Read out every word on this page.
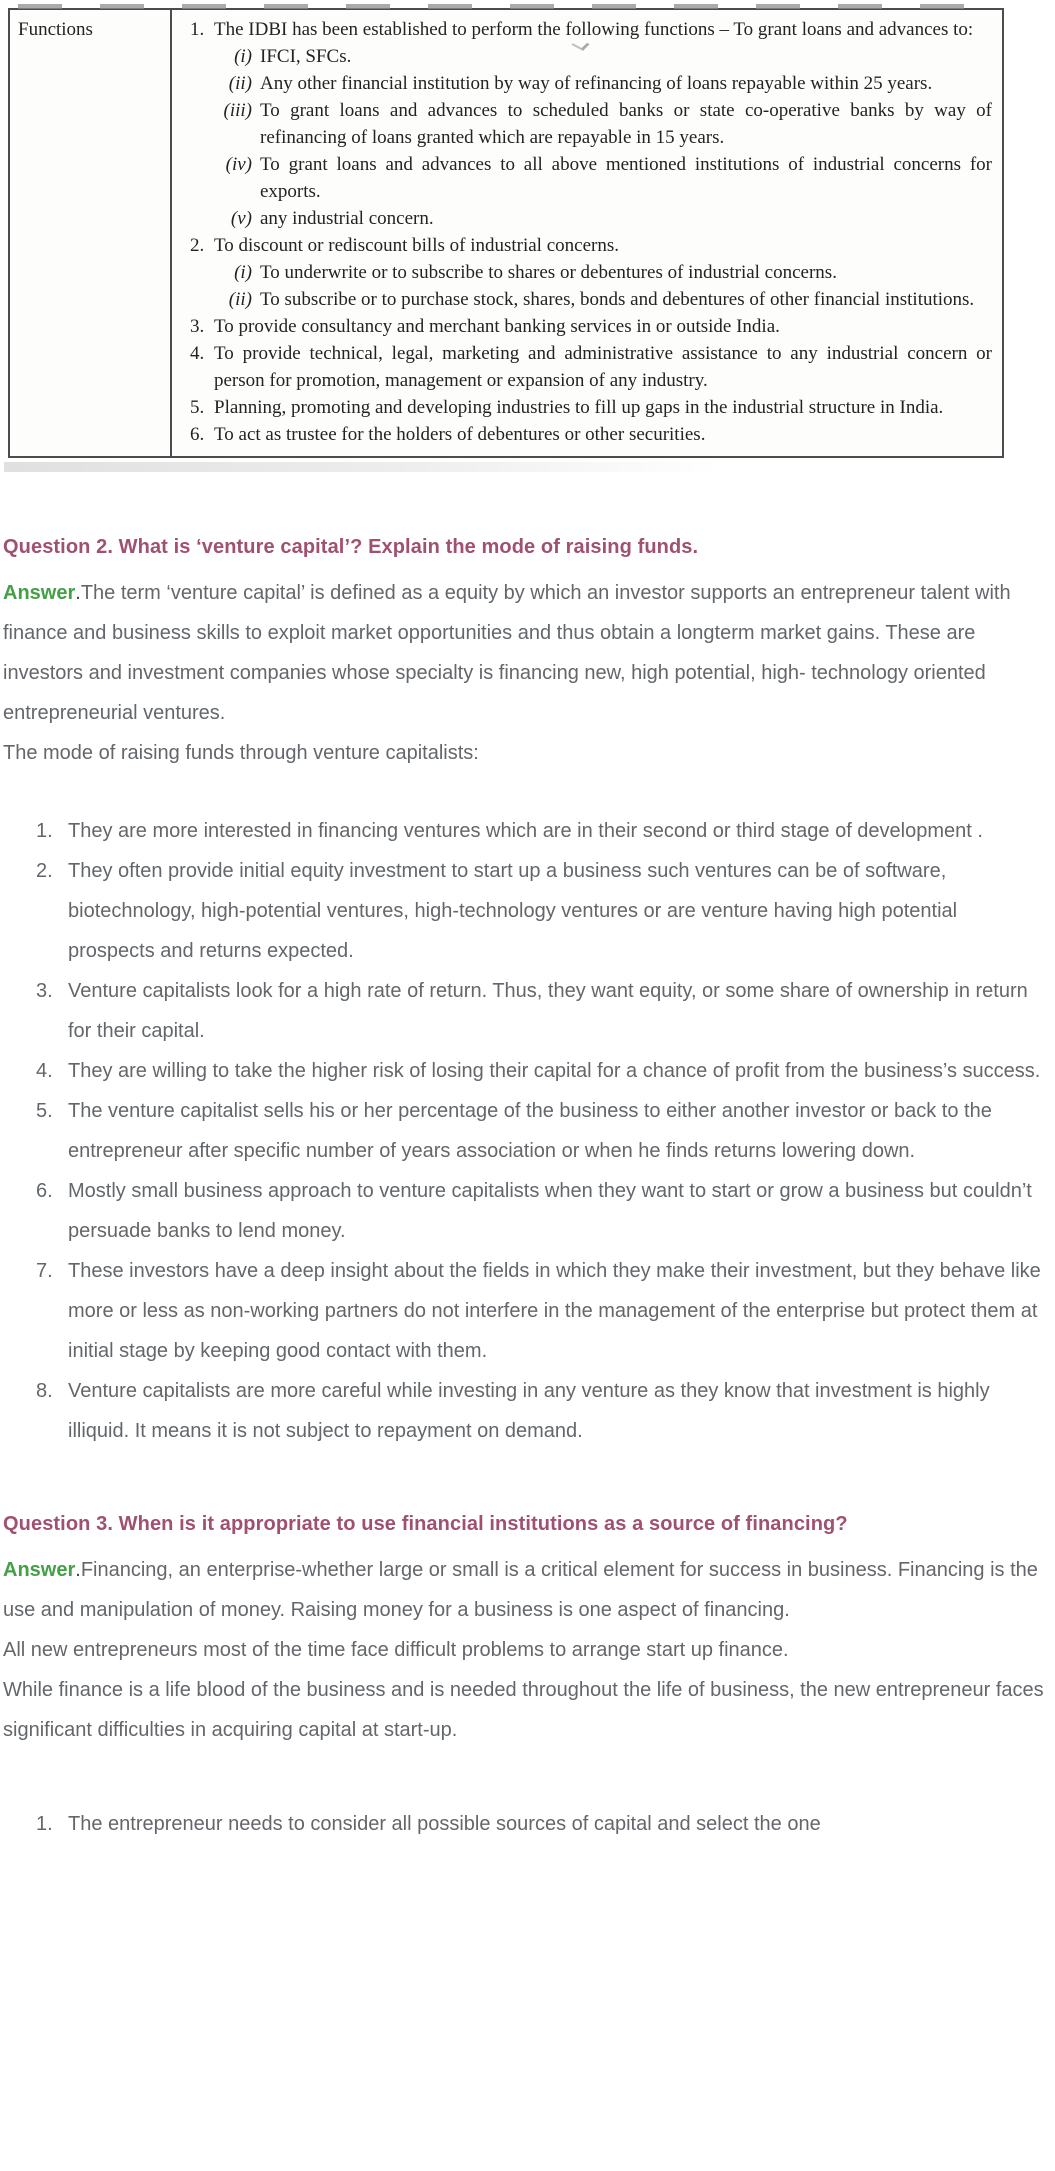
Functions	1. The IDBI has been established to perform the following functions – To grant loans and advances to:
(i) IFCI, SFCs.
(ii) Any other financial institution by way of refinancing of loans repayable within 25 years.
(iii) To grant loans and advances to scheduled banks or state co-operative banks by way of refinancing of loans granted which are repayable in 15 years.
(iv) To grant loans and advances to all above mentioned institutions of industrial concerns for exports.
(v) any industrial concern.
2. To discount or rediscount bills of industrial concerns.
(i) To underwrite or to subscribe to shares or debentures of industrial concerns.
(ii) To subscribe or to purchase stock, shares, bonds and debentures of other financial institutions.
3. To provide consultancy and merchant banking services in or outside India.
4. To provide technical, legal, marketing and administrative assistance to any industrial concern or person for promotion, management or expansion of any industry.
5. Planning, promoting and developing industries to fill up gaps in the industrial structure in India.
6. To act as trustee for the holders of debentures or other securities.
Question 2. What is ‘venture capital’? Explain the mode of raising funds.

Answer.The term ‘venture capital’ is defined as a equity by which an investor supports an entrepreneur talent with finance and business skills to exploit market opportunities and thus obtain a longterm market gains. These are investors and investment companies whose specialty is financing new, high potential, high- technology oriented entrepreneurial ventures.

The mode of raising funds through venture capitalists:

1. They are more interested in financing ventures which are in their second or third stage of development .
2. They often provide initial equity investment to start up a business such ventures can be of software, biotechnology, high-potential ventures, high-technology ventures or are venture having high potential prospects and returns expected.
3. Venture capitalists look for a high rate of return. Thus, they want equity, or some share of ownership in return for their capital.
4. They are willing to take the higher risk of losing their capital for a chance of profit from the business’s success.
5. The venture capitalist sells his or her percentage of the business to either another investor or back to the entrepreneur after specific number of years association or when he finds returns lowering down.
6. Mostly small business approach to venture capitalists when they want to start or grow a business but couldn’t persuade banks to lend money.
7. These investors have a deep insight about the fields in which they make their investment, but they behave like more or less as non-working partners do not interfere in the management of the enterprise but protect them at initial stage by keeping good contact with them.
8. Venture capitalists are more careful while investing in any venture as they know that investment is highly illiquid. It means it is not subject to repayment on demand.
Question 3. When is it appropriate to use financial institutions as a source of financing?

Answer.Financing, an enterprise-whether large or small is a critical element for success in business. Financing is the use and manipulation of money. Raising money for a business is one aspect of financing.

All new entrepreneurs most of the time face difficult problems to arrange start up finance.

While finance is a life blood of the business and is needed throughout the life of business, the new entrepreneur faces significant difficulties in acquiring capital at start-up.

1. The entrepreneur needs to consider all possible sources of capital and select the one
